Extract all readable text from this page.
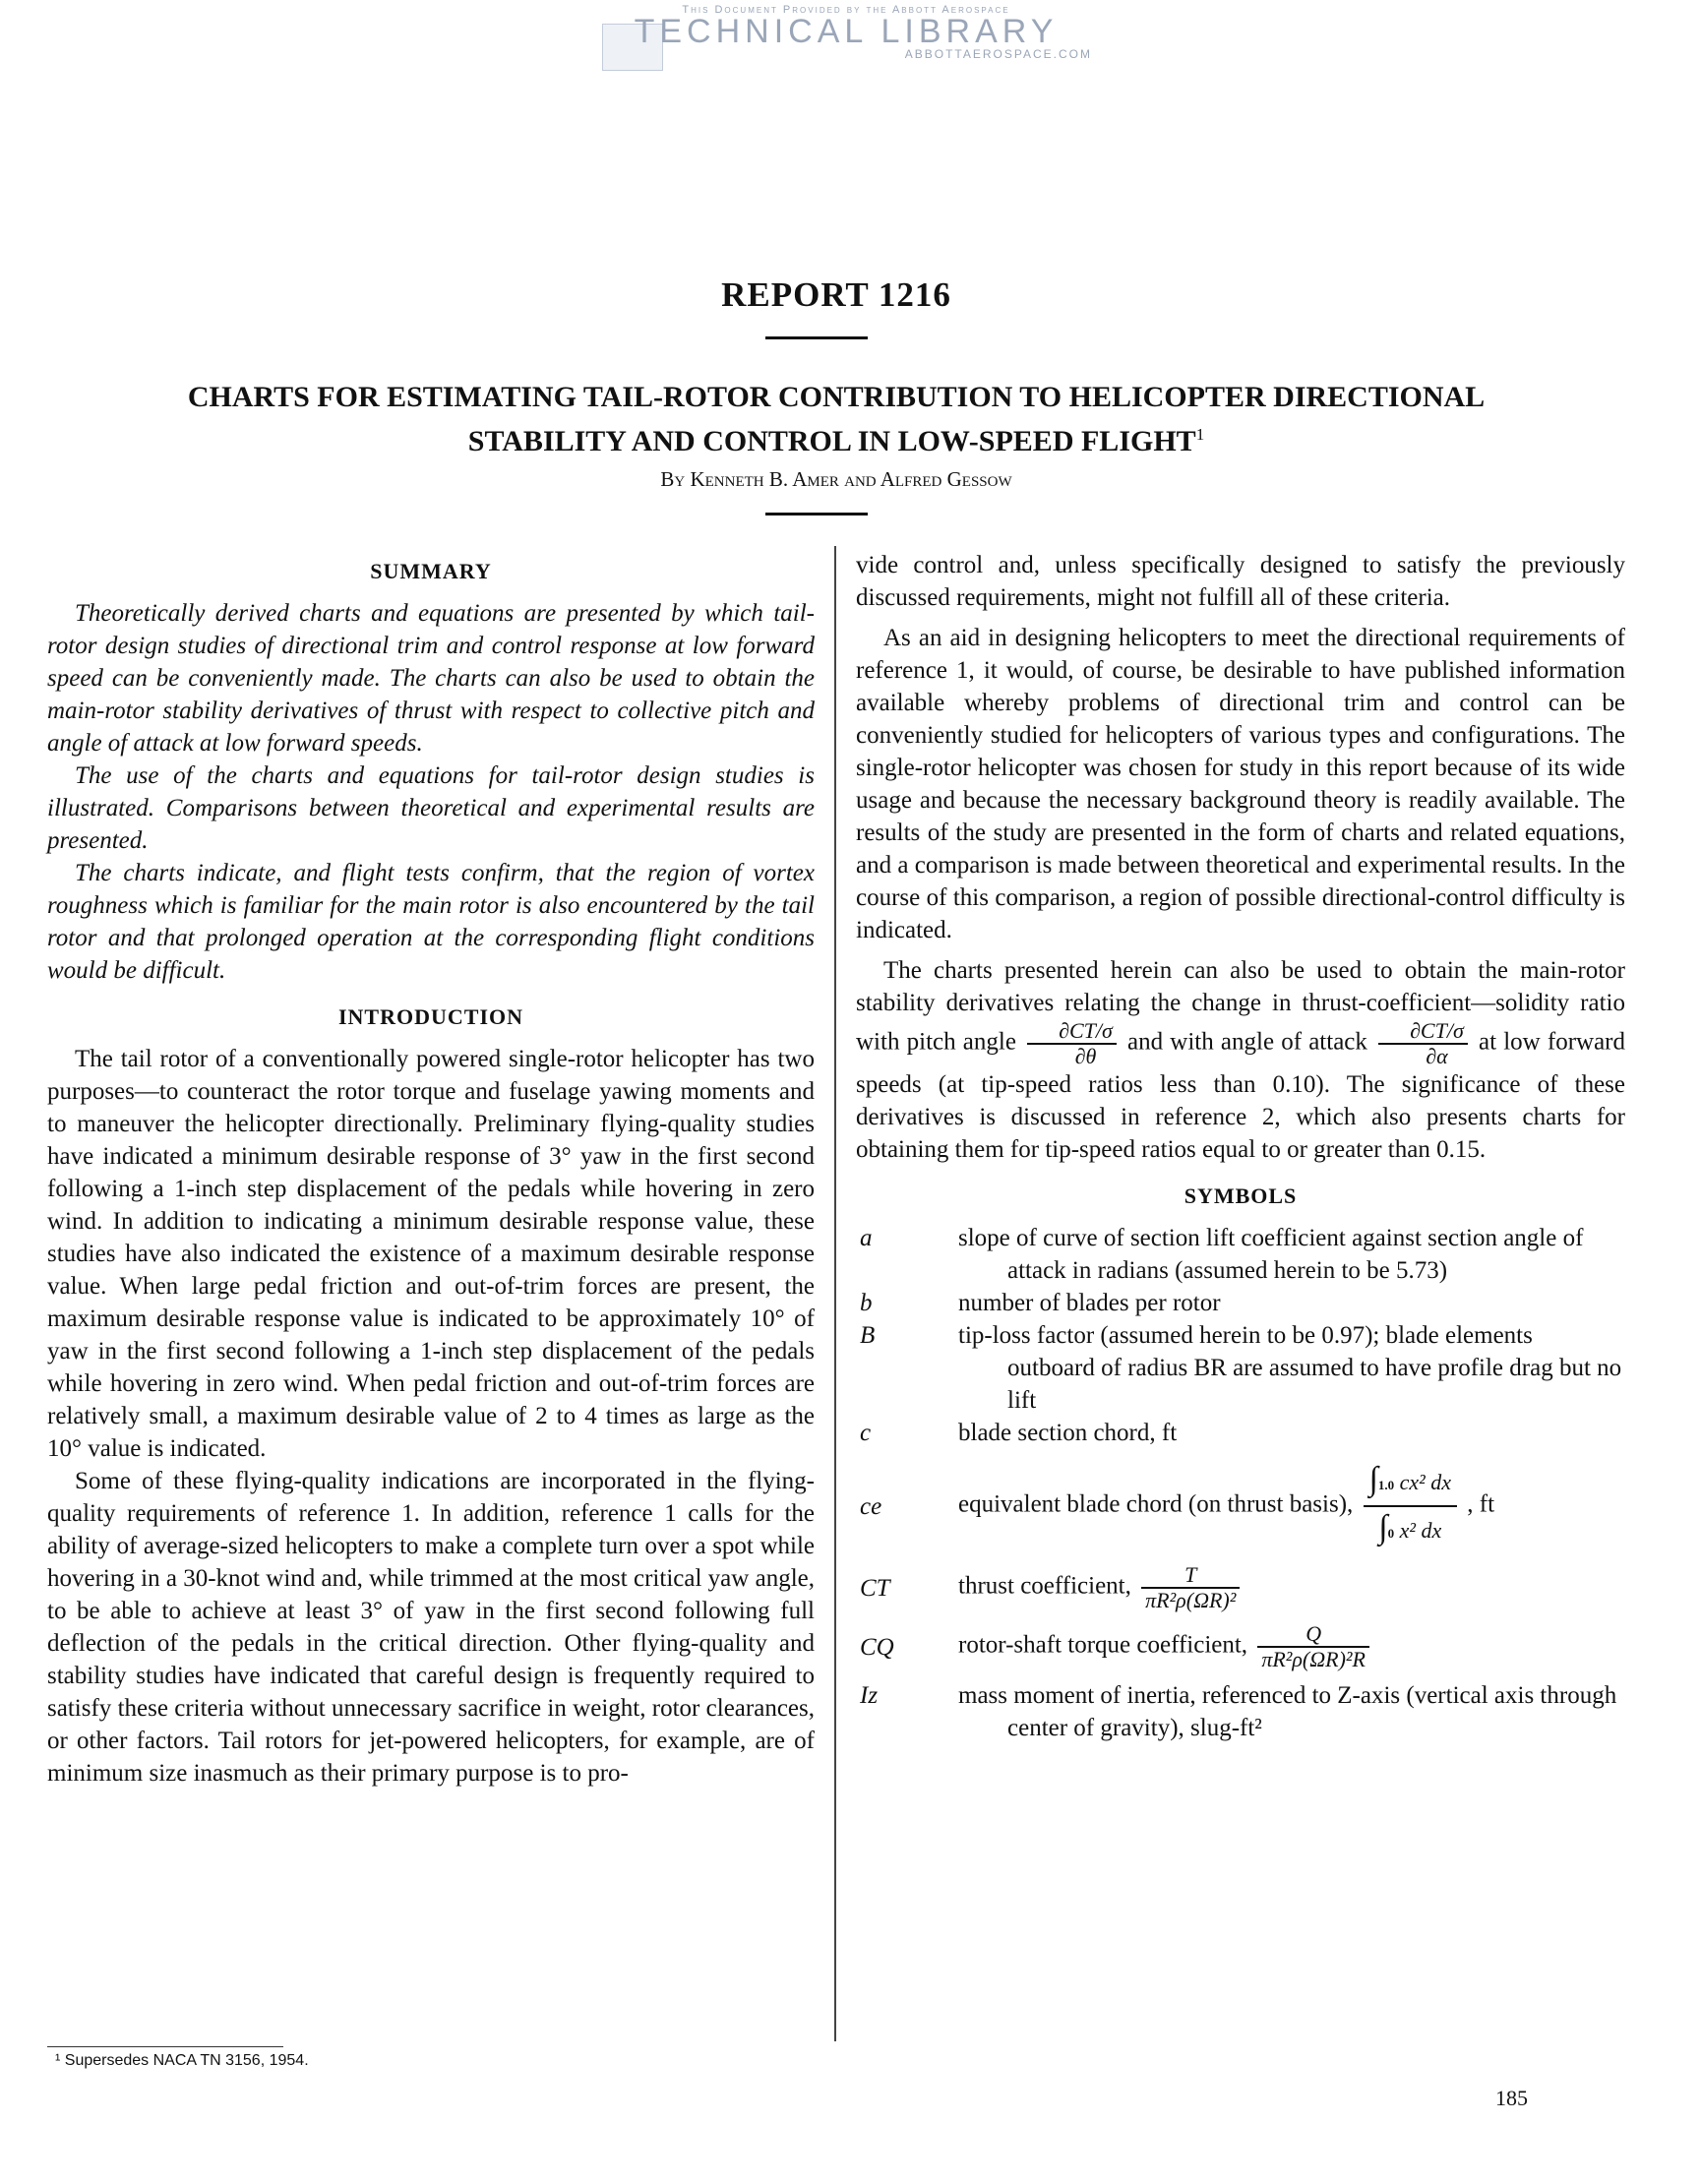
This Document Provided by the Abbott Aerospace
TECHNICAL LIBRARY
ABBOTTAEROSPACE.COM
REPORT 1216
CHARTS FOR ESTIMATING TAIL-ROTOR CONTRIBUTION TO HELICOPTER DIRECTIONAL
STABILITY AND CONTROL IN LOW-SPEED FLIGHT$^1$
By Kenneth B. Amer and Alfred Gessow
SUMMARY

Theoretically derived charts and equations are presented by which tail-rotor design studies of directional trim and control response at low forward speed can be conveniently made. The charts can also be used to obtain the main-rotor stability derivatives of thrust with respect to collective pitch and angle of attack at low forward speeds.

The use of the charts and equations for tail-rotor design studies is illustrated. Comparisons between theoretical and experimental results are presented.

The charts indicate, and flight tests confirm, that the region of vortex roughness which is familiar for the main rotor is also encountered by the tail rotor and that prolonged operation at the corresponding flight conditions would be difficult.

INTRODUCTION

The tail rotor of a conventionally powered single-rotor helicopter has two purposes—to counteract the rotor torque and fuselage yawing moments and to maneuver the helicopter directionally. Preliminary flying-quality studies have indicated a minimum desirable response of 3° yaw in the first second following a 1-inch step displacement of the pedals while hovering in zero wind. In addition to indicating a minimum desirable response value, these studies have also indicated the existence of a maximum desirable response value. When large pedal friction and out-of-trim forces are present, the maximum desirable response value is indicated to be approximately 10° of yaw in the first second following a 1-inch step displacement of the pedals while hovering in zero wind. When pedal friction and out-of-trim forces are relatively small, a maximum desirable value of 2 to 4 times as large as the 10° value is indicated.

Some of these flying-quality indications are incorporated in the flying-quality requirements of reference 1. In addition, reference 1 calls for the ability of average-sized helicopters to make a complete turn over a spot while hovering in a 30-knot wind and, while trimmed at the most critical yaw angle, to be able to achieve at least 3° of yaw in the first second following full deflection of the pedals in the critical direction. Other flying-quality and stability studies have indicated that careful design is frequently required to satisfy these criteria without unnecessary sacrifice in weight, rotor clearances, or other factors. Tail rotors for jet-powered helicopters, for example, are of minimum size inasmuch as their primary purpose is to pro-

vide control and, unless specifically designed to satisfy the previously discussed requirements, might not fulfill all of these criteria.

As an aid in designing helicopters to meet the directional requirements of reference 1, it would, of course, be desirable to have published information available whereby problems of directional trim and control can be conveniently studied for helicopters of various types and configurations. The single-rotor helicopter was chosen for study in this report because of its wide usage and because the necessary background theory is readily available. The results of the study are presented in the form of charts and related equations, and a comparison is made between theoretical and experimental results. In the course of this comparison, a region of possible directional-control difficulty is indicated.

The charts presented herein can also be used to obtain the main-rotor stability derivatives relating the change in thrust-coefficient—solidity ratio with pitch angle $\frac{\partial CT/\sigma}{\partial\theta}$ and with angle of attack $\frac{\partial CT/\sigma}{\partial\alpha}$ at low forward speeds (at tip-speed ratios less than 0.10). The significance of these derivatives is discussed in reference 2, which also presents charts for obtaining them for tip-speed ratios equal to or greater than 0.15.

SYMBOLS
a	slope of curve of section lift coefficient against section angle of attack in radians (assumed herein to be 5.73)
b	number of blades per rotor
B	tip-loss factor (assumed herein to be 0.97); blade elements outboard of radius BR are assumed to have profile drag but no lift
c	blade section chord, ft
ce	equivalent blade chord (on thrust basis), $\frac{\text{∫1.0 cx² dx}}{\text{∫0 x² dx}}$ , ft
CT	thrust coefficient, $\frac{T}{\text{πR²ρ(ΩR)²}}$
CQ	rotor-shaft torque coefficient, $\frac{Q}{\text{πR²ρ(ΩR)²R}}$
Iz	mass moment of inertia, referenced to Z-axis (vertical axis through center of gravity), slug-ft²
¹ Supersedes NACA TN 3156, 1954.
185
